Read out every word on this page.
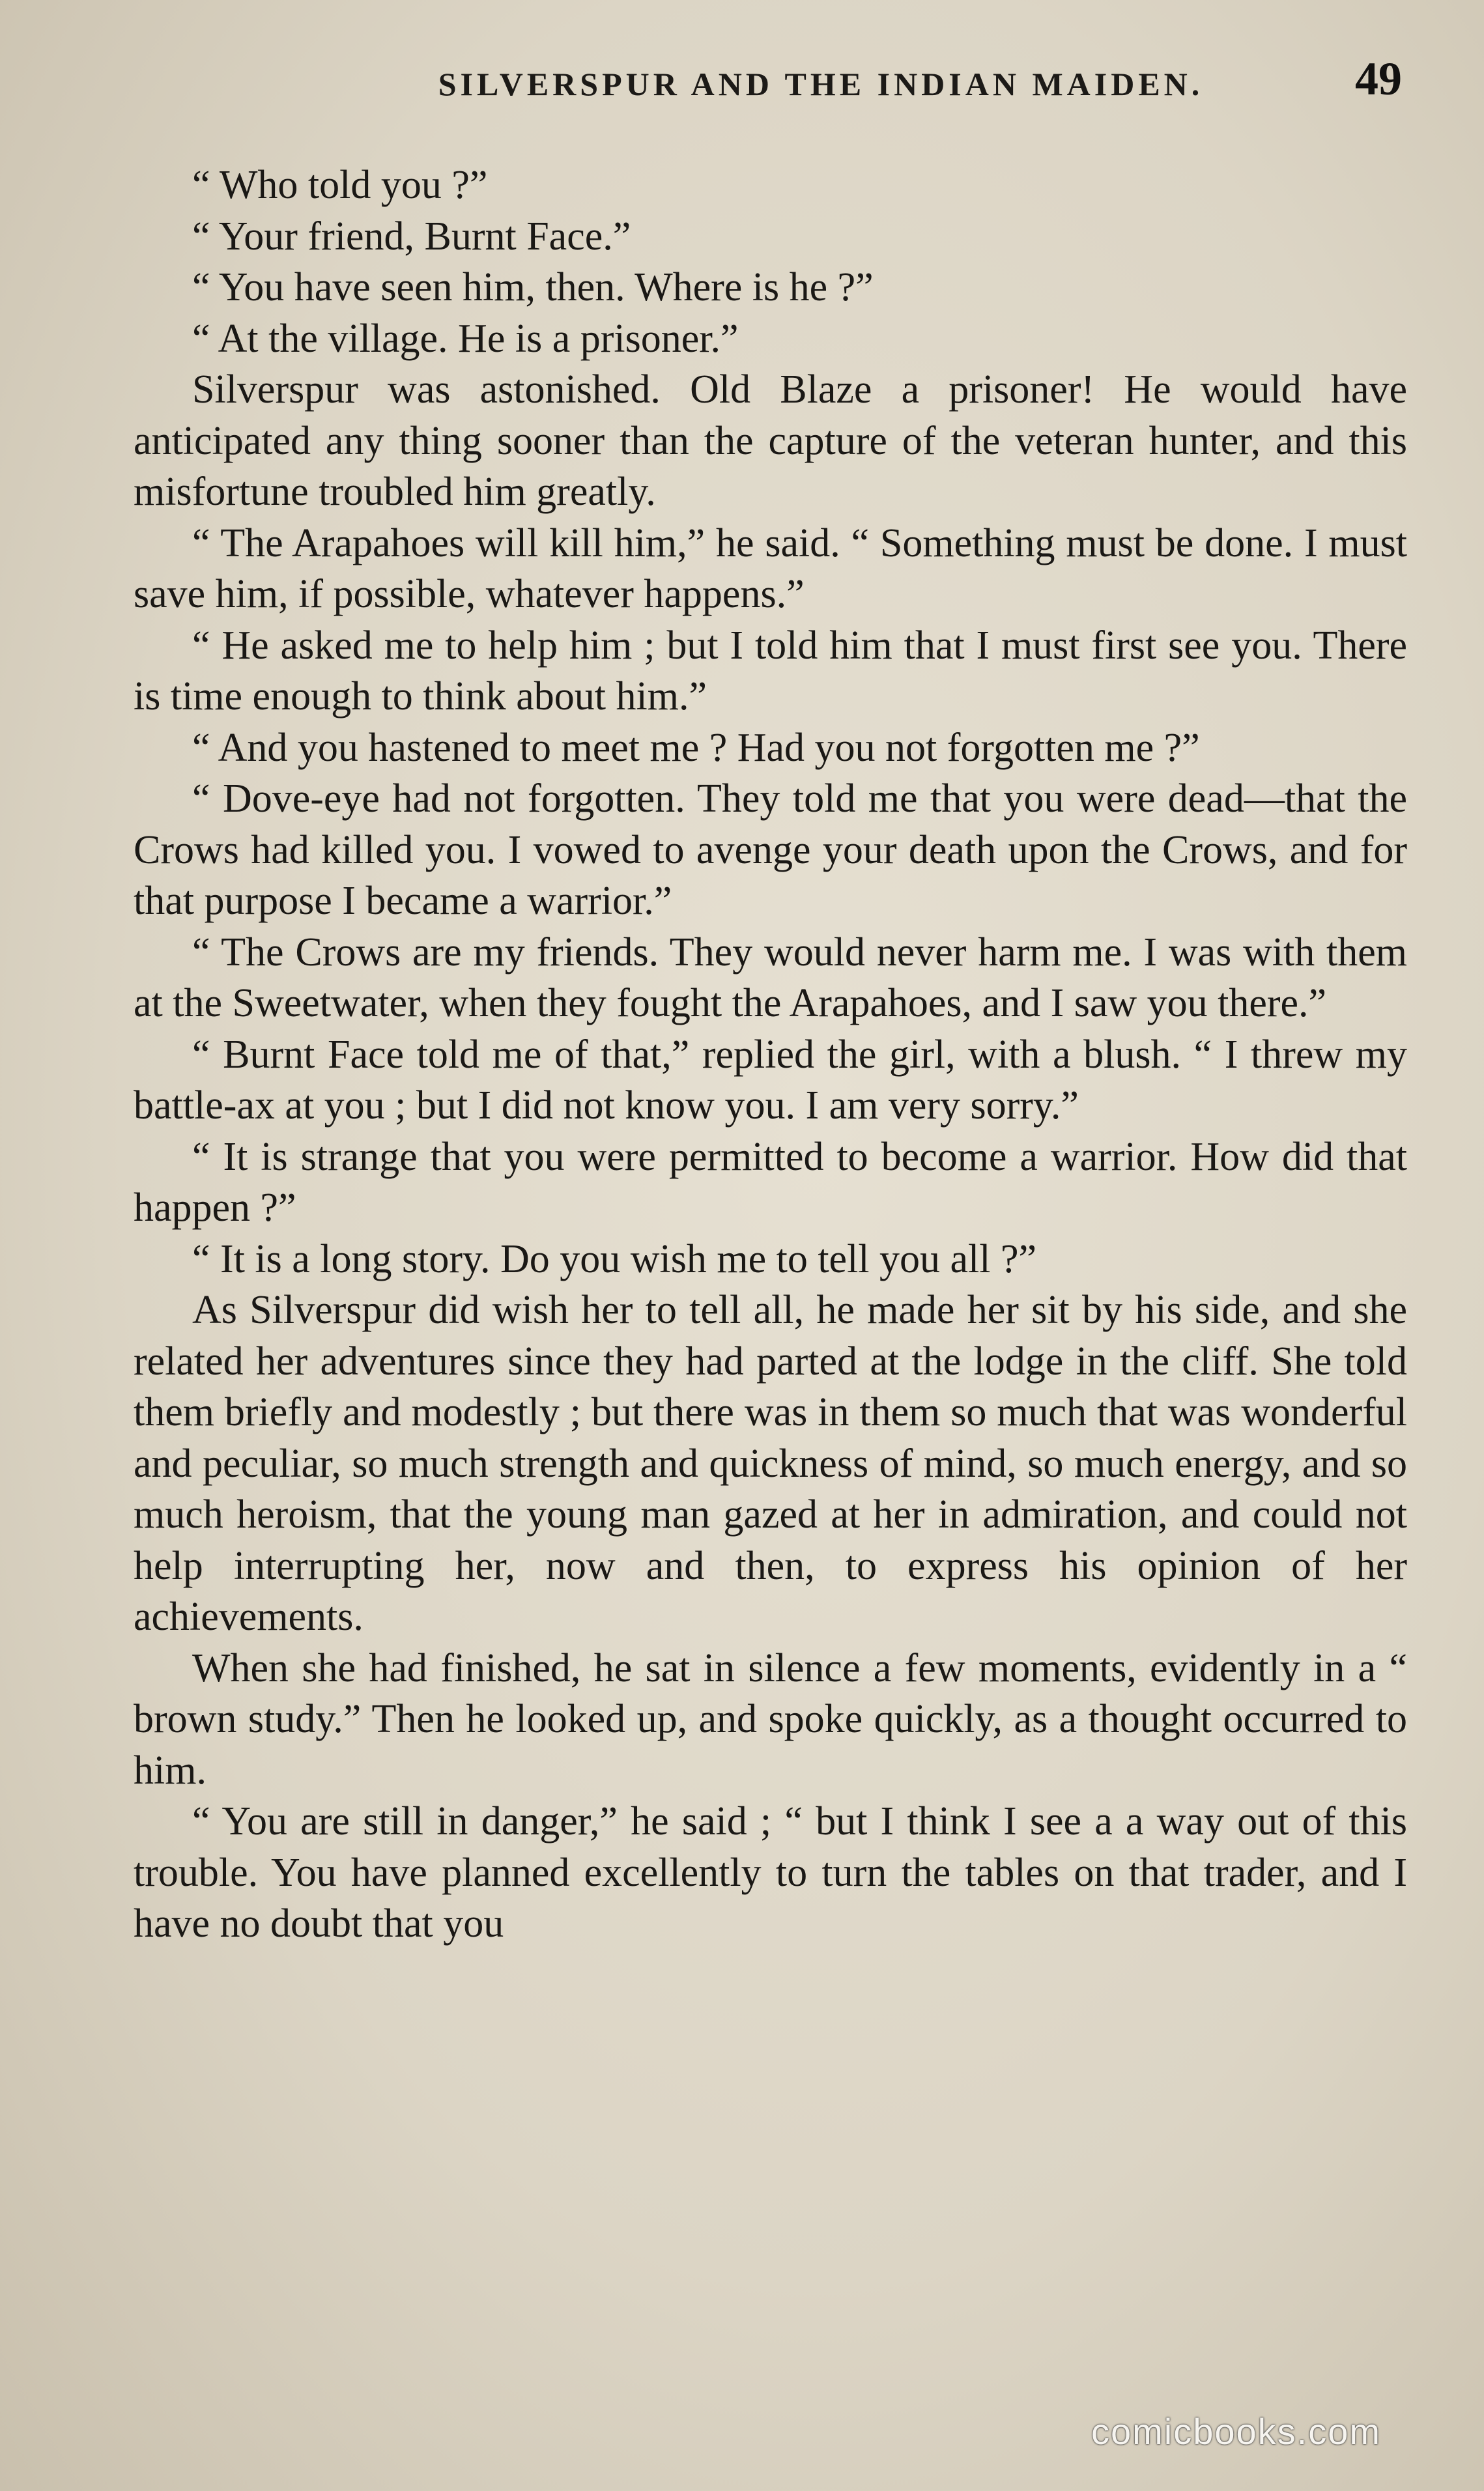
SILVERSPUR AND THE INDIAN MAIDEN.	49

“ Who told you ?”

“ Your friend, Burnt Face.”

“ You have seen him, then. Where is he ?”

“ At the village. He is a prisoner.”

Silverspur was astonished. Old Blaze a prisoner! He would have anticipated any thing sooner than the capture of the veteran hunter, and this misfortune troubled him greatly.

“ The Arapahoes will kill him,” he said. “ Something must be done. I must save him, if possible, whatever happens.”

“ He asked me to help him ; but I told him that I must first see you. There is time enough to think about him.”

“ And you hastened to meet me ? Had you not forgotten me ?”

“ Dove-eye had not forgotten. They told me that you were dead—that the Crows had killed you. I vowed to avenge your death upon the Crows, and for that purpose I became a warrior.”

“ The Crows are my friends. They would never harm me. I was with them at the Sweetwater, when they fought the Arapahoes, and I saw you there.”

“ Burnt Face told me of that,” replied the girl, with a blush. “ I threw my battle-ax at you ; but I did not know you. I am very sorry.”

“ It is strange that you were permitted to become a warrior. How did that happen ?”

“ It is a long story. Do you wish me to tell you all ?”

As Silverspur did wish her to tell all, he made her sit by his side, and she related her adventures since they had parted at the lodge in the cliff. She told them briefly and modestly ; but there was in them so much that was wonderful and peculiar, so much strength and quickness of mind, so much energy, and so much heroism, that the young man gazed at her in admiration, and could not help interrupting her, now and then, to express his opinion of her achievements.

When she had finished, he sat in silence a few moments, evidently in a “ brown study.” Then he looked up, and spoke quickly, as a thought occurred to him.

“ You are still in danger,” he said ; “ but I think I see a a way out of this trouble. You have planned excellently to turn the tables on that trader, and I have no doubt that you

comicbooks.com
